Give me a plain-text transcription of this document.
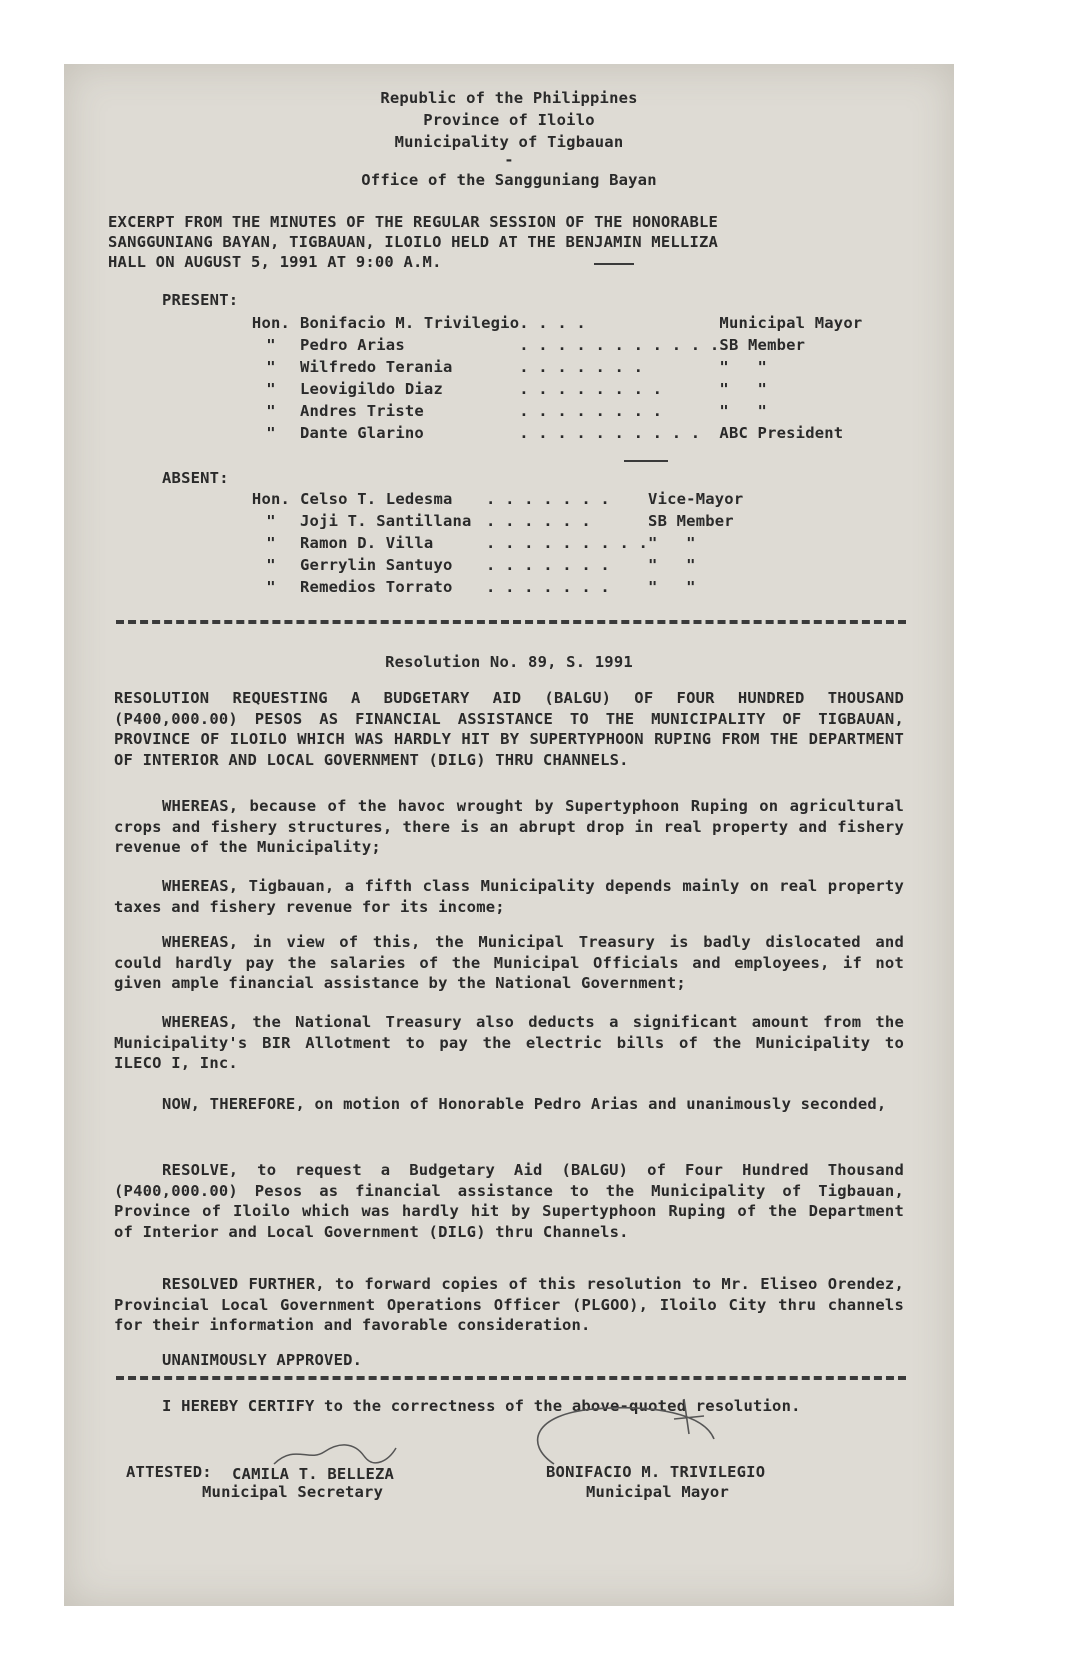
Republic of the Philippines
Province of Iloilo
Municipality of Tigbauan
-
Office of the Sangguniang Bayan
EXCERPT FROM THE MINUTES OF THE REGULAR SESSION OF THE HONORABLE
SANGGUNIANG BAYAN, TIGBAUAN, ILOILO HELD AT THE BENJAMIN MELLIZA
HALL ON AUGUST 5, 1991 AT 9:00 A.M.
PRESENT:
Hon.	Bonifacio M. Trivilegio	. . . .	Municipal Mayor
"	Pedro Arias	. . . . . . . . . . .	SB Member
"	Wilfredo Terania	. . . . . . .	"   "
"	Leovigildo Diaz	. . . . . . . .	"   "
"	Andres Triste	. . . . . . . .	"   "
"	Dante Glarino	. . . . . . . . . .	ABC President
ABSENT:
Hon.	Celso T. Ledesma	. . . . . . .	Vice-Mayor
"	Joji T. Santillana	. . . . . .	SB Member
"	Ramon D. Villa	. . . . . . . . .	"   "
"	Gerrylin Santuyo	. . . . . . .	"   "
"	Remedios Torrato	. . . . . . .	"   "
Resolution No. 89, S. 1991
RESOLUTION REQUESTING A BUDGETARY AID (BALGU) OF FOUR HUNDRED THOUSAND (P400,000.00) PESOS AS FINANCIAL ASSISTANCE TO THE MUNICIPALITY OF TIGBAUAN, PROVINCE OF ILOILO WHICH WAS HARDLY HIT BY SUPERTYPHOON RUPING FROM THE DEPARTMENT OF INTERIOR AND LOCAL GOVERNMENT (DILG) THRU CHANNELS.
WHEREAS, because of the havoc wrought by Supertyphoon Ruping on agricultural crops and fishery structures, there is an abrupt drop in real property and fishery revenue of the Municipality;
WHEREAS, Tigbauan, a fifth class Municipality depends mainly on real property taxes and fishery revenue for its income;
WHEREAS, in view of this, the Municipal Treasury is badly dislocated and could hardly pay the salaries of the Municipal Officials and employees, if not given ample financial assistance by the National Government;
WHEREAS, the National Treasury also deducts a significant amount from the Municipality's BIR Allotment to pay the electric bills of the Municipality to ILECO I, Inc.
NOW, THEREFORE, on motion of Honorable Pedro Arias and unanimously seconded,
RESOLVE, to request a Budgetary Aid (BALGU) of Four Hundred Thousand (P400,000.00) Pesos as financial assistance to the Municipality of Tigbauan, Province of Iloilo which was hardly hit by Supertyphoon Ruping of the Department of Interior and Local Government (DILG) thru Channels.
RESOLVED FURTHER, to forward copies of this resolution to Mr. Eliseo Orendez, Provincial Local Government Operations Officer (PLGOO), Iloilo City thru channels for their information and favorable consideration.
UNANIMOUSLY APPROVED.
I HEREBY CERTIFY to the correctness of the above-quoted resolution.
ATTESTED: CAMILA T. BELLEZA
Municipal Secretary
BONIFACIO M. TRIVILEGIO
Municipal Mayor
